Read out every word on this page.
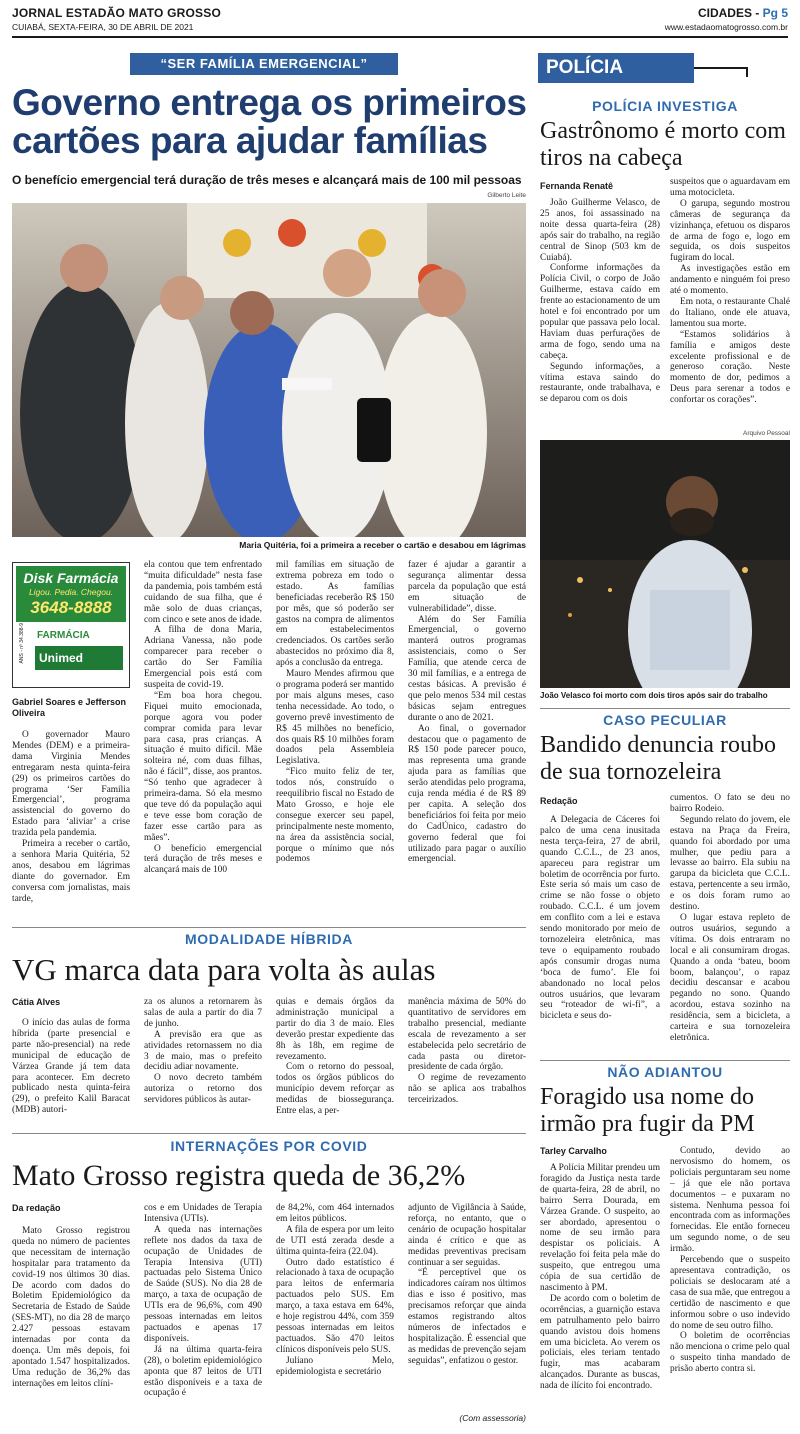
JORNAL ESTADÃO MATO GROSSO
CUIABÁ, SEXTA-FEIRA, 30 DE ABRIL DE 2021
CIDADES - Pg 5
www.estadaomatogrosso.com.br
“SER FAMÍLIA EMERGENCIAL”
Governo entrega os primeiros cartões para ajudar famílias
O benefício emergencial terá duração de três meses e alcançará mais de 100 mil pessoas
Gilberto Leite
Maria Quitéria, foi a primeira a receber o cartão e desabou em lágrimas
Disk Farmácia
Ligou. Pedia. Chegou.
3648-8888
FARMÁCIA
Unimed
ANS - nº 34.388-9
Gabriel Soares e Jefferson Oliveira

O governador Mauro Mendes (DEM) e a primeira-dama Virginia Mendes entregaram nesta quinta-feira (29) os primeiros cartões do programa ‘Ser Família Emergencial’, programa assistencial do governo do Estado para ‘aliviar’ a crise trazida pela pandemia.

Primeira a receber o cartão, a senhora Maria Quitéria, 52 anos, desabou em lágrimas diante do governador. Em conversa com jornalistas, mais tarde,

ela contou que tem enfrentado “muita dificuldade” nesta fase da pandemia, pois também está cuidando de sua filha, que é mãe solo de duas crianças, com cinco e sete anos de idade.

A filha de dona Maria, Adriana Vanessa, não pode comparecer para receber o cartão do Ser Família Emergencial pois está com suspeita de covid-19.

“Em boa hora chegou. Fiquei muito emocionada, porque agora vou poder comprar comida para levar para casa, pras crianças. A situação é muito difícil. Mãe solteira né, com duas filhas, não é fácil”, disse, aos prantos. “Só tenho que agradecer à primeira-dama. Só ela mesmo que teve dó da população aqui e teve esse bom coração de fazer esse cartão para as mães”.

O benefício emergencial terá duração de três meses e alcançará mais de 100

mil famílias em situação de extrema pobreza em todo o estado. As famílias beneficiadas receberão R$ 150 por mês, que só poderão ser gastos na compra de alimentos em estabelecimentos credenciados. Os cartões serão abastecidos no próximo dia 8, após a conclusão da entrega.

Mauro Mendes afirmou que o programa poderá ser mantido por mais alguns meses, caso tenha necessidade. Ao todo, o governo prevê investimento de R$ 45 milhões no benefício, dos quais R$ 10 milhões foram doados pela Assembleia Legislativa.

“Fico muito feliz de ter, todos nós, construído o reequilíbrio fiscal no Estado de Mato Grosso, e hoje ele consegue exercer seu papel, principalmente neste momento, na área da assistência social, porque o mínimo que nós podemos

fazer é ajudar a garantir a segurança alimentar dessa parcela da população que está em situação de vulnerabilidade”, disse.

Além do Ser Família Emergencial, o governo manterá outros programas assistenciais, como o Ser Família, que atende cerca de 30 mil famílias, e a entrega de cestas básicas. A previsão é que pelo menos 534 mil cestas básicas sejam entregues durante o ano de 2021.

Ao final, o governador destacou que o pagamento de R$ 150 pode parecer pouco, mas representa uma grande ajuda para as famílias que serão atendidas pelo programa, cuja renda média é de R$ 89 per capita. A seleção dos beneficiários foi feita por meio do CadÚnico, cadastro do governo federal que foi utilizado para pagar o auxílio emergencial.

MODALIDADE HÍBRIDA
VG marca data para volta às aulas
Cátia Alves

O início das aulas de forma híbrida (parte presencial e parte não-presencial) na rede municipal de educação de Várzea Grande já tem data para acontecer. Em decreto publicado nesta quinta-feira (29), o prefeito Kalil Baracat (MDB) autori-

za os alunos a retornarem às salas de aula a partir do dia 7 de junho.

A previsão era que as atividades retornassem no dia 3 de maio, mas o prefeito decidiu adiar novamente.

O novo decreto também autoriza o retorno dos servidores públicos às autar-

quias e demais órgãos da administração municipal a partir do dia 3 de maio. Eles deverão prestar expediente das 8h às 18h, em regime de revezamento.

Com o retorno do pessoal, todos os órgãos públicos do município devem reforçar as medidas de biossegurança. Entre elas, a per-

manência máxima de 50% do quantitativo de servidores em trabalho presencial, mediante escala de revezamento a ser estabelecida pelo secretário de cada pasta ou diretor-presidente de cada órgão.

O regime de revezamento não se aplica aos trabalhos terceirizados.

INTERNAÇÕES POR COVID
Mato Grosso registra queda de 36,2%
Da redação

Mato Grosso registrou queda no número de pacientes que necessitam de internação hospitalar para tratamento da covid-19 nos últimos 30 dias. De acordo com dados do Boletim Epidemiológico da Secretaria de Estado de Saúde (SES-MT), no dia 28 de março 2.427 pessoas estavam internadas por conta da doença. Um mês depois, foi apontado 1.547 hospitalizados. Uma redução de 36,2% das internações em leitos clíni-

cos e em Unidades de Terapia Intensiva (UTIs).

A queda nas internações reflete nos dados da taxa de ocupação de Unidades de Terapia Intensiva (UTI) pactuadas pelo Sistema Único de Saúde (SUS). No dia 28 de março, a taxa de ocupação de UTIs era de 96,6%, com 490 pessoas internadas em leitos pactuados e apenas 17 disponíveis.

Já na última quarta-feira (28), o boletim epidemiológico aponta que 87 leitos de UTI estão disponíveis e a taxa de ocupação é

de 84,2%, com 464 internados em leitos públicos.

A fila de espera por um leito de UTI está zerada desde a última quinta-feira (22.04).

Outro dado estatístico é relacionado à taxa de ocupação para leitos de enfermaria pactuados pelo SUS. Em março, a taxa estava em 64%, e hoje registrou 44%, com 359 pessoas internadas em leitos pactuados. São 470 leitos clínicos disponíveis pelo SUS.

Juliano Melo, epidemiologista e secretário

adjunto de Vigilância à Saúde, reforça, no entanto, que o cenário de ocupação hospitalar ainda é crítico e que as medidas preventivas precisam continuar a ser seguidas.

“É perceptível que os indicadores caíram nos últimos dias e isso é positivo, mas precisamos reforçar que ainda estamos registrando altos números de infectados e hospitalização. É essencial que as medidas de prevenção sejam seguidas”, enfatizou o gestor.

(Com assessoria)
POLÍCIA
POLÍCIA INVESTIGA
Gastrônomo é morto com tiros na cabeça
Fernanda Renatê

João Guilherme Velasco, de 25 anos, foi assassinado na noite dessa quarta-feira (28) após sair do trabalho, na região central de Sinop (503 km de Cuiabá).

Conforme informações da Polícia Civil, o corpo de João Guilherme, estava caído em frente ao estacionamento de um hotel e foi encontrado por um popular que passava pelo local. Haviam duas perfurações de arma de fogo, sendo uma na cabeça.

Segundo informações, a vítima estava saindo do restaurante, onde trabalhava, e se deparou com os dois

suspeitos que o aguardavam em uma motocicleta.

O garupa, segundo mostrou câmeras de segurança da vizinhança, efetuou os disparos de arma de fogo e, logo em seguida, os dois suspeitos fugiram do local.

As investigações estão em andamento e ninguém foi preso até o momento.

Em nota, o restaurante Chalé do Italiano, onde ele atuava, lamentou sua morte.

“Estamos solidários à família e amigos deste excelente profissional e de generoso coração. Neste momento de dor, pedimos a Deus para serenar a todos e confortar os corações”.

Arquivo Pessoal
João Velasco foi morto com dois tiros após sair do trabalho
CASO PECULIAR
Bandido denuncia roubo de sua tornozeleira
Redação

A Delegacia de Cáceres foi palco de uma cena inusitada nesta terça-feira, 27 de abril, quando C.C.L., de 23 anos, apareceu para registrar um boletim de ocorrência por furto. Este seria só mais um caso de crime se não fosse o objeto roubado. C.C.L. é um jovem em conflito com a lei e estava sendo monitorado por meio de tornozeleira eletrônica, mas teve o equipamento roubado após consumir drogas numa ‘boca de fumo’. Ele foi abandonado no local pelos outros usuários, que levaram seu “roteador de wi-fi”, a bicicleta e seus do-

cumentos. O fato se deu no bairro Rodeio.

Segundo relato do jovem, ele estava na Praça da Freira, quando foi abordado por uma mulher, que pediu para a levasse ao bairro. Ela subiu na garupa da bicicleta que C.C.L. estava, pertencente a seu irmão, e os dois foram rumo ao destino.

O lugar estava repleto de outros usuários, segundo a vítima. Os dois entraram no local e ali consumiram drogas. Quando a onda ‘bateu, boom boom, balançou’, o rapaz decidiu descansar e acabou pegando no sono. Quando acordou, estava sozinho na residência, sem a bicicleta, a carteira e sua tornozeleira eletrônica.

NÃO ADIANTOU
Foragido usa nome do irmão pra fugir da PM
Tarley Carvalho

A Polícia Militar prendeu um foragido da Justiça nesta tarde de quarta-feira, 28 de abril, no bairro Serra Dourada, em Várzea Grande. O suspeito, ao ser abordado, apresentou o nome de seu irmão para despistar os policiais. A revelação foi feita pela mãe do suspeito, que entregou uma cópia de sua certidão de nascimento à PM.

De acordo com o boletim de ocorrências, a guarnição estava em patrulhamento pelo bairro quando avistou dois homens em uma bicicleta. Ao verem os policiais, eles teriam tentado fugir, mas acabaram alcançados. Durante as buscas, nada de ilícito foi encontrado.

Contudo, devido ao nervosismo do homem, os policiais perguntaram seu nome – já que ele não portava documentos – e puxaram no sistema. Nenhuma pessoa foi encontrada com as informações fornecidas. Ele então forneceu um segundo nome, o de seu irmão.

Percebendo que o suspeito apresentava contradição, os policiais se deslocaram até a casa de sua mãe, que entregou a certidão de nascimento e que informou sobre o uso indevido do nome de seu outro filho.

O boletim de ocorrências não menciona o crime pelo qual o suspeito tinha mandado de prisão aberto contra si.
